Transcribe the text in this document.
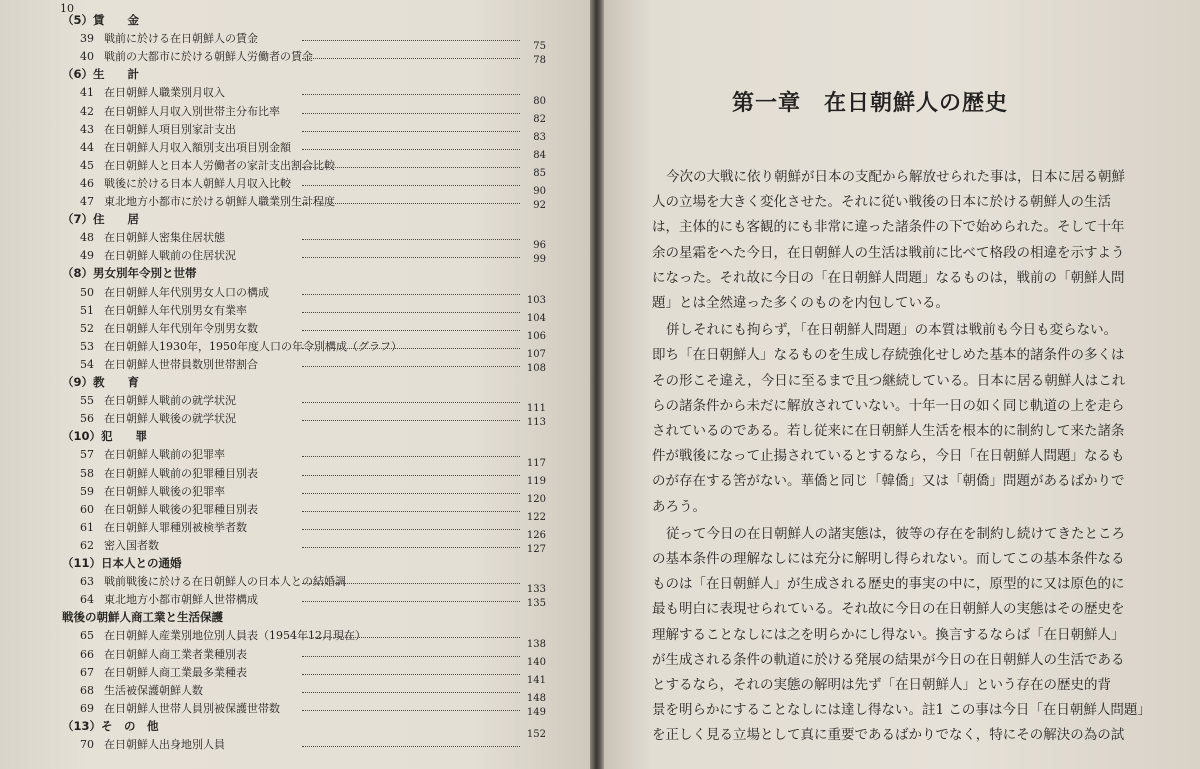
10
（5）賃　　金
39 戦前に於ける在日朝鮮人の賃金
40 戦前の大都市に於ける朝鮮人労働者の賃金
75
78
（6）生　　計
41 在日朝鮮人職業別月収入
42 在日朝鮮人月収入別世帯主分布比率
80
43 在日朝鮮人項目別家計支出
82
44 在日朝鮮人月収入額別支出項目別金額
83
45 在日朝鮮人と日本人労働者の家計支出割合比較
84
46 戦後に於ける日本人朝鮮人月収入比較
85
47 東北地方小都市に於ける朝鮮人職業別生計程度
90
92
（7）住　　居
48 在日朝鮮人密集住居状態
49 在日朝鮮人戦前の住居状況
96
99
（8）男女別年令別と世帯
50 在日朝鮮人年代別男女人口の構成
51 在日朝鮮人年代別男女有業率
103
52 在日朝鮮人年代別年令別男女数
104
53 在日朝鮮人1930年，1950年度人口の年令別構成（グラフ）
106
54 在日朝鮮人世帯員数別世帯割合
107
108
（9）教　　育
55 在日朝鮮人戦前の就学状況
56 在日朝鮮人戦後の就学状況
111
113
（10）犯　　罪
57 在日朝鮮人戦前の犯罪率
58 在日朝鮮人戦前の犯罪種目別表
117
59 在日朝鮮人戦後の犯罪率
119
60 在日朝鮮人戦後の犯罪種目別表
120
61 在日朝鮮人罪種別被検挙者数
122
62 密入国者数
126
127
（11）日本人との通婚
63 戦前戦後に於ける在日朝鮮人の日本人との結婚調
64 東北地方小都市朝鮮人世帯構成
133
135
戦後の朝鮮人商工業と生活保護
65 在日朝鮮人産業別地位別人員表（1954年12月現在）
66 在日朝鮮人商工業者業種別表
138
67 在日朝鮮人商工業最多業種表
140
68 生活被保護朝鮮人数
141
69 在日朝鮮人世帯人員別被保護世帯数
148
149
（13）そ　の　他
70 在日朝鮮人出身地別人員
152
第一章　在日朝鮮人の歴史
今次の大戦に依り朝鮮が日本の支配から解放せられた事は，日本に居る朝鮮
人の立場を大きく変化させた。それに従い戦後の日本に於ける朝鮮人の生活
は，主体的にも客観的にも非常に違った諸条件の下で始められた。そして十年
余の星霜をへた今日，在日朝鮮人の生活は戦前に比べて格段の相違を示すよう
になった。それ故に今日の「在日朝鮮人問題」なるものは，戦前の「朝鮮人問
題」とは全然違った多くのものを内包している。
併しそれにも拘らず，「在日朝鮮人問題」の本質は戦前も今日も変らない。
即ち「在日朝鮮人」なるものを生成し存続強化せしめた基本的諸条件の多くは
その形こそ違え，今日に至るまで且つ継続している。日本に居る朝鮮人はこれ
らの諸条件から未だに解放されていない。十年一日の如く同じ軌道の上を走ら
されているのである。若し従来に在日朝鮮人生活を根本的に制約して来た諸条
件が戦後になって止揚されているとするなら，今日「在日朝鮮人問題」なるも
のが存在する筈がない。華僑と同じ「韓僑」又は「朝僑」問題があるばかりで
あろう。
従って今日の在日朝鮮人の諸実態は，彼等の存在を制約し続けてきたところ
の基本条件の理解なしには充分に解明し得られない。而してこの基本条件なる
ものは「在日朝鮮人」が生成される歴史的事実の中に，原型的に又は原色的に
最も明白に表現せられている。それ故に今日の在日朝鮮人の実態はその歴史を
理解することなしには之を明らかにし得ない。換言するならば「在日朝鮮人」
が生成される条件の軌道に於ける発展の結果が今日の在日朝鮮人の生活である
とするなら，それの実態の解明は先ず「在日朝鮮人」という存在の歴史的背
景を明らかにすることなしには達し得ない。註1 この事は今日「在日朝鮮人問題」
を正しく見る立場として真に重要であるばかりでなく，特にその解決の為の試
